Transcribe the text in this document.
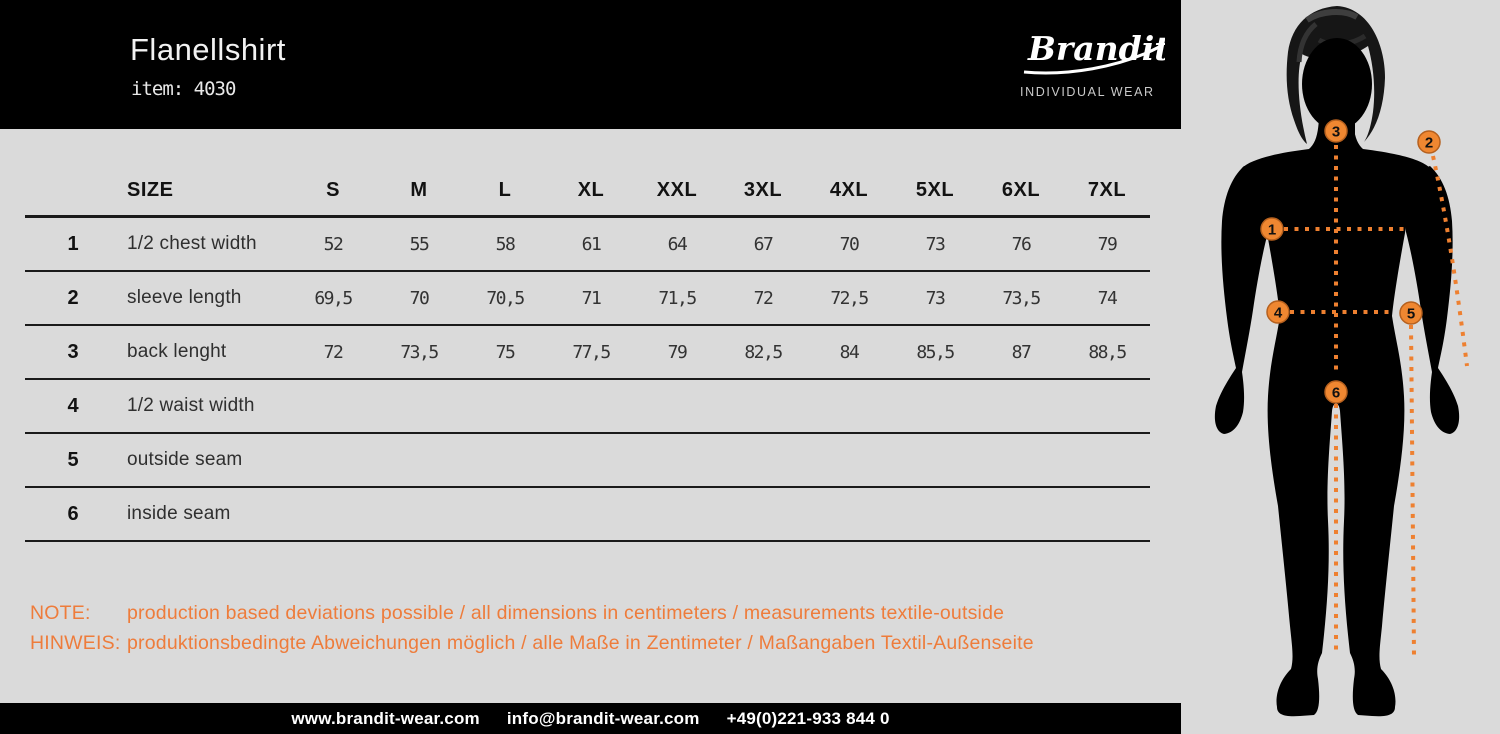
Flanellshirt
item: 4030
Brandit
INDIVIDUAL WEAR
SIZE	S	M	L	XL	XXL	3XL	4XL	5XL	6XL	7XL
1	1/2 chest width	52	55	58	61	64	67	70	73	76	79
2	sleeve length	69,5	70	70,5	71	71,5	72	72,5	73	73,5	74
3	back lenght	72	73,5	75	77,5	79	82,5	84	85,5	87	88,5
4	1/2 waist width
5	outside seam
6	inside seam
NOTE:	production based deviations possible / all dimensions in centimeters / measurements textile-outside
HINWEIS: produktionsbedingte Abweichungen möglich / alle Maße in Zentimeter / Maßangaben Textil-Außenseite
www.brandit-wear.com info@brandit-wear.com +49(0)221-933 844 0
1
2
3
4	5
6
